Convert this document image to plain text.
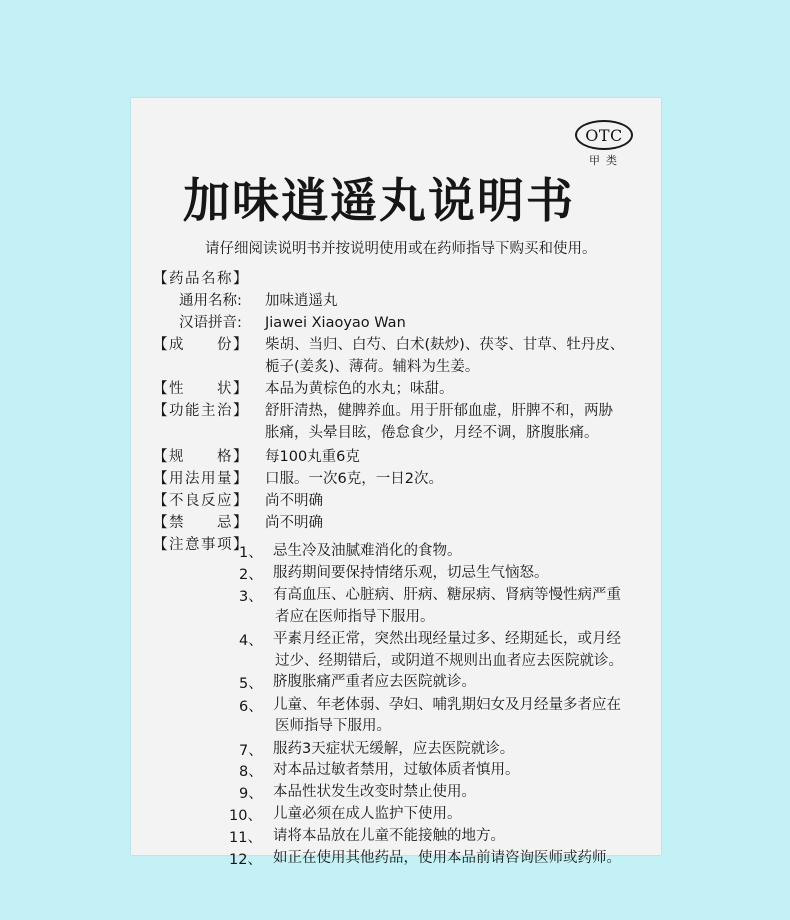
OTC
甲类
加味逍遥丸说明书
请仔细阅读说明书并按说明使用或在药师指导下购买和使用。
【药品名称】
通用名称: 加味逍遥丸
汉语拼音: Jiawei Xiaoyao Wan
【成　　份】	柴胡、当归、白芍、白术(麸炒)、茯苓、甘草、牡丹皮、
栀子(姜炙)、薄荷。辅料为生姜。
【性　　状】	本品为黄棕色的水丸；味甜。
【功能主治】	舒肝清热，健脾养血。用于肝郁血虚，肝脾不和，两胁
胀痛，头晕目眩，倦怠食少，月经不调，脐腹胀痛。
【规　　格】	每100丸重6克
【用法用量】	口服。一次6克，一日2次。
【不良反应】	尚不明确
【禁　　忌】	尚不明确
【注意事项】
1、 忌生冷及油腻难消化的食物。
2、 服药期间要保持情绪乐观，切忌生气恼怒。
3、 有高血压、心脏病、肝病、糖尿病、肾病等慢性病严重
者应在医师指导下服用。
4、 平素月经正常，突然出现经量过多、经期延长，或月经
过少、经期错后，或阴道不规则出血者应去医院就诊。
5、 脐腹胀痛严重者应去医院就诊。
6、 儿童、年老体弱、孕妇、哺乳期妇女及月经量多者应在
医师指导下服用。
7、 服药3天症状无缓解，应去医院就诊。
8、 对本品过敏者禁用，过敏体质者慎用。
9、 本品性状发生改变时禁止使用。
10、 儿童必须在成人监护下使用。
11、 请将本品放在儿童不能接触的地方。
12、 如正在使用其他药品，使用本品前请咨询医师或药师。
